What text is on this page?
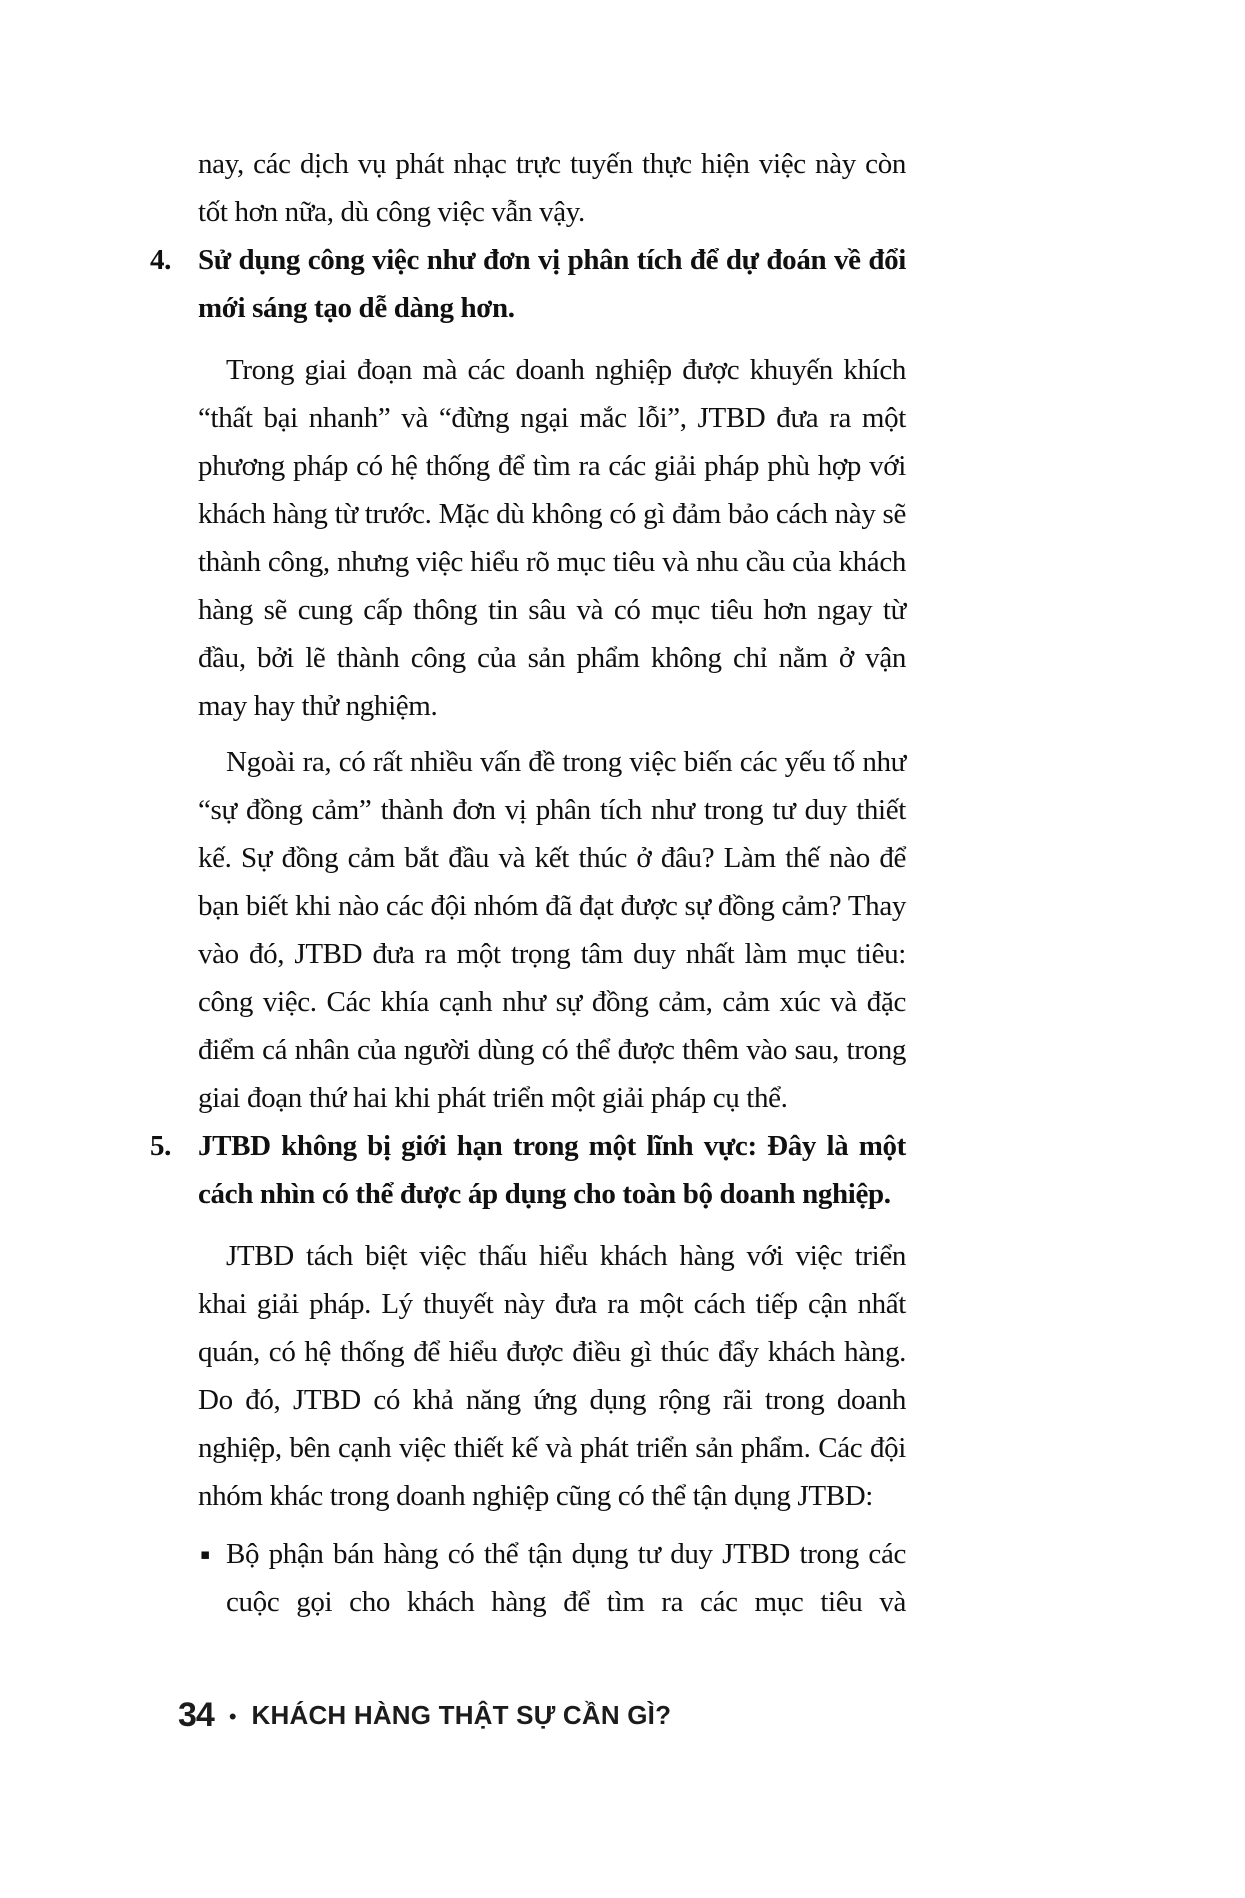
nay, các dịch vụ phát nhạc trực tuyến thực hiện việc này còn tốt hơn nữa, dù công việc vẫn vậy.

4. Sử dụng công việc như đơn vị phân tích để dự đoán về đổi mới sáng tạo dễ dàng hơn.

Trong giai đoạn mà các doanh nghiệp được khuyến khích “thất bại nhanh” và “đừng ngại mắc lỗi”, JTBD đưa ra một phương pháp có hệ thống để tìm ra các giải pháp phù hợp với khách hàng từ trước. Mặc dù không có gì đảm bảo cách này sẽ thành công, nhưng việc hiểu rõ mục tiêu và nhu cầu của khách hàng sẽ cung cấp thông tin sâu và có mục tiêu hơn ngay từ đầu, bởi lẽ thành công của sản phẩm không chỉ nằm ở vận may hay thử nghiệm.

Ngoài ra, có rất nhiều vấn đề trong việc biến các yếu tố như “sự đồng cảm” thành đơn vị phân tích như trong tư duy thiết kế. Sự đồng cảm bắt đầu và kết thúc ở đâu? Làm thế nào để bạn biết khi nào các đội nhóm đã đạt được sự đồng cảm? Thay vào đó, JTBD đưa ra một trọng tâm duy nhất làm mục tiêu: công việc. Các khía cạnh như sự đồng cảm, cảm xúc và đặc điểm cá nhân của người dùng có thể được thêm vào sau, trong giai đoạn thứ hai khi phát triển một giải pháp cụ thể.

5. JTBD không bị giới hạn trong một lĩnh vực: Đây là một cách nhìn có thể được áp dụng cho toàn bộ doanh nghiệp.

JTBD tách biệt việc thấu hiểu khách hàng với việc triển khai giải pháp. Lý thuyết này đưa ra một cách tiếp cận nhất quán, có hệ thống để hiểu được điều gì thúc đẩy khách hàng. Do đó, JTBD có khả năng ứng dụng rộng rãi trong doanh nghiệp, bên cạnh việc thiết kế và phát triển sản phẩm. Các đội nhóm khác trong doanh nghiệp cũng có thể tận dụng JTBD:

▪ Bộ phận bán hàng có thể tận dụng tư duy JTBD trong các cuộc gọi cho khách hàng để tìm ra các mục tiêu và

34 • KHÁCH HÀNG THẬT SỰ CẦN GÌ?
